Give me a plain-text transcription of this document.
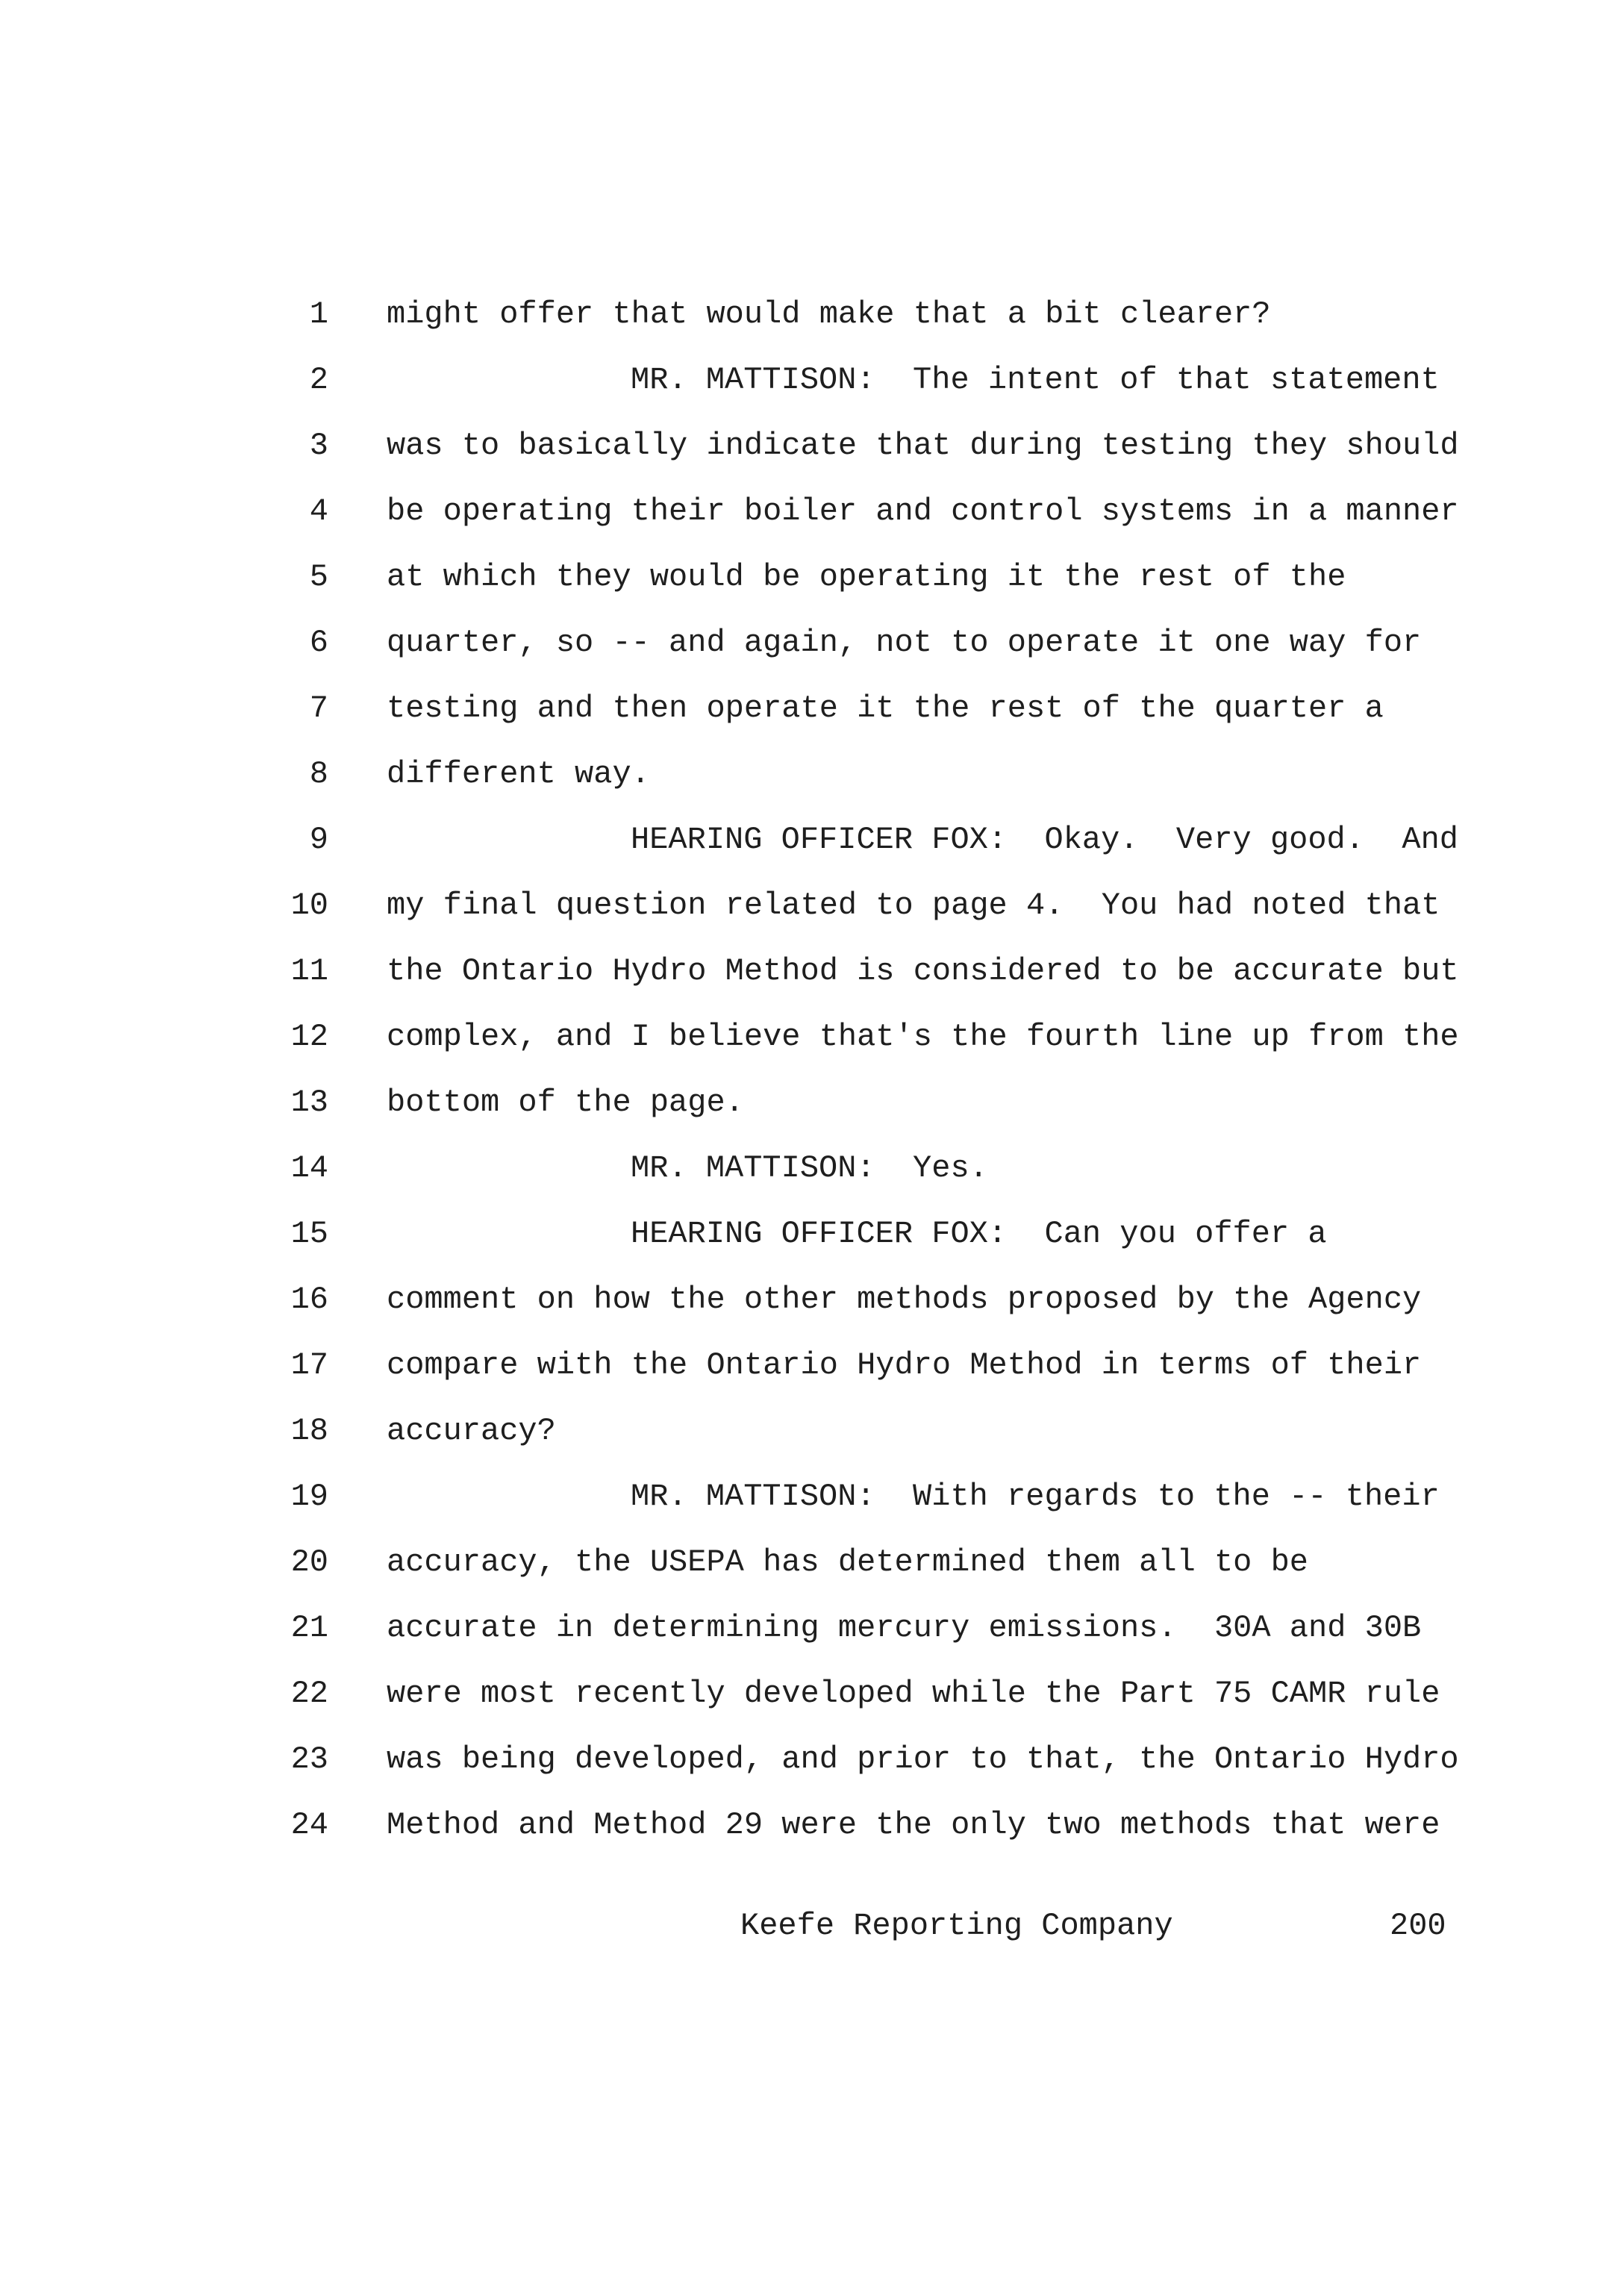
1 might offer that would make that a bit clearer?
2	MR. MATTISON:  The intent of that statement
3 was to basically indicate that during testing they should
4 be operating their boiler and control systems in a manner
5 at which they would be operating it the rest of the
6 quarter, so -- and again, not to operate it one way for
7 testing and then operate it the rest of the quarter a
8 different way.
9	HEARING OFFICER FOX:  Okay.  Very good.  And
10 my final question related to page 4.  You had noted that
11 the Ontario Hydro Method is considered to be accurate but
12 complex, and I believe that's the fourth line up from the
13 bottom of the page.
14	MR. MATTISON:  Yes.
15	HEARING OFFICER FOX:  Can you offer a
16 comment on how the other methods proposed by the Agency
17 compare with the Ontario Hydro Method in terms of their
18 accuracy?
19	MR. MATTISON:  With regards to the -- their
20 accuracy, the USEPA has determined them all to be
21 accurate in determining mercury emissions.  30A and 30B
22 were most recently developed while the Part 75 CAMR rule
23 was being developed, and prior to that, the Ontario Hydro
24 Method and Method 29 were the only two methods that were
Keefe Reporting Company	200
